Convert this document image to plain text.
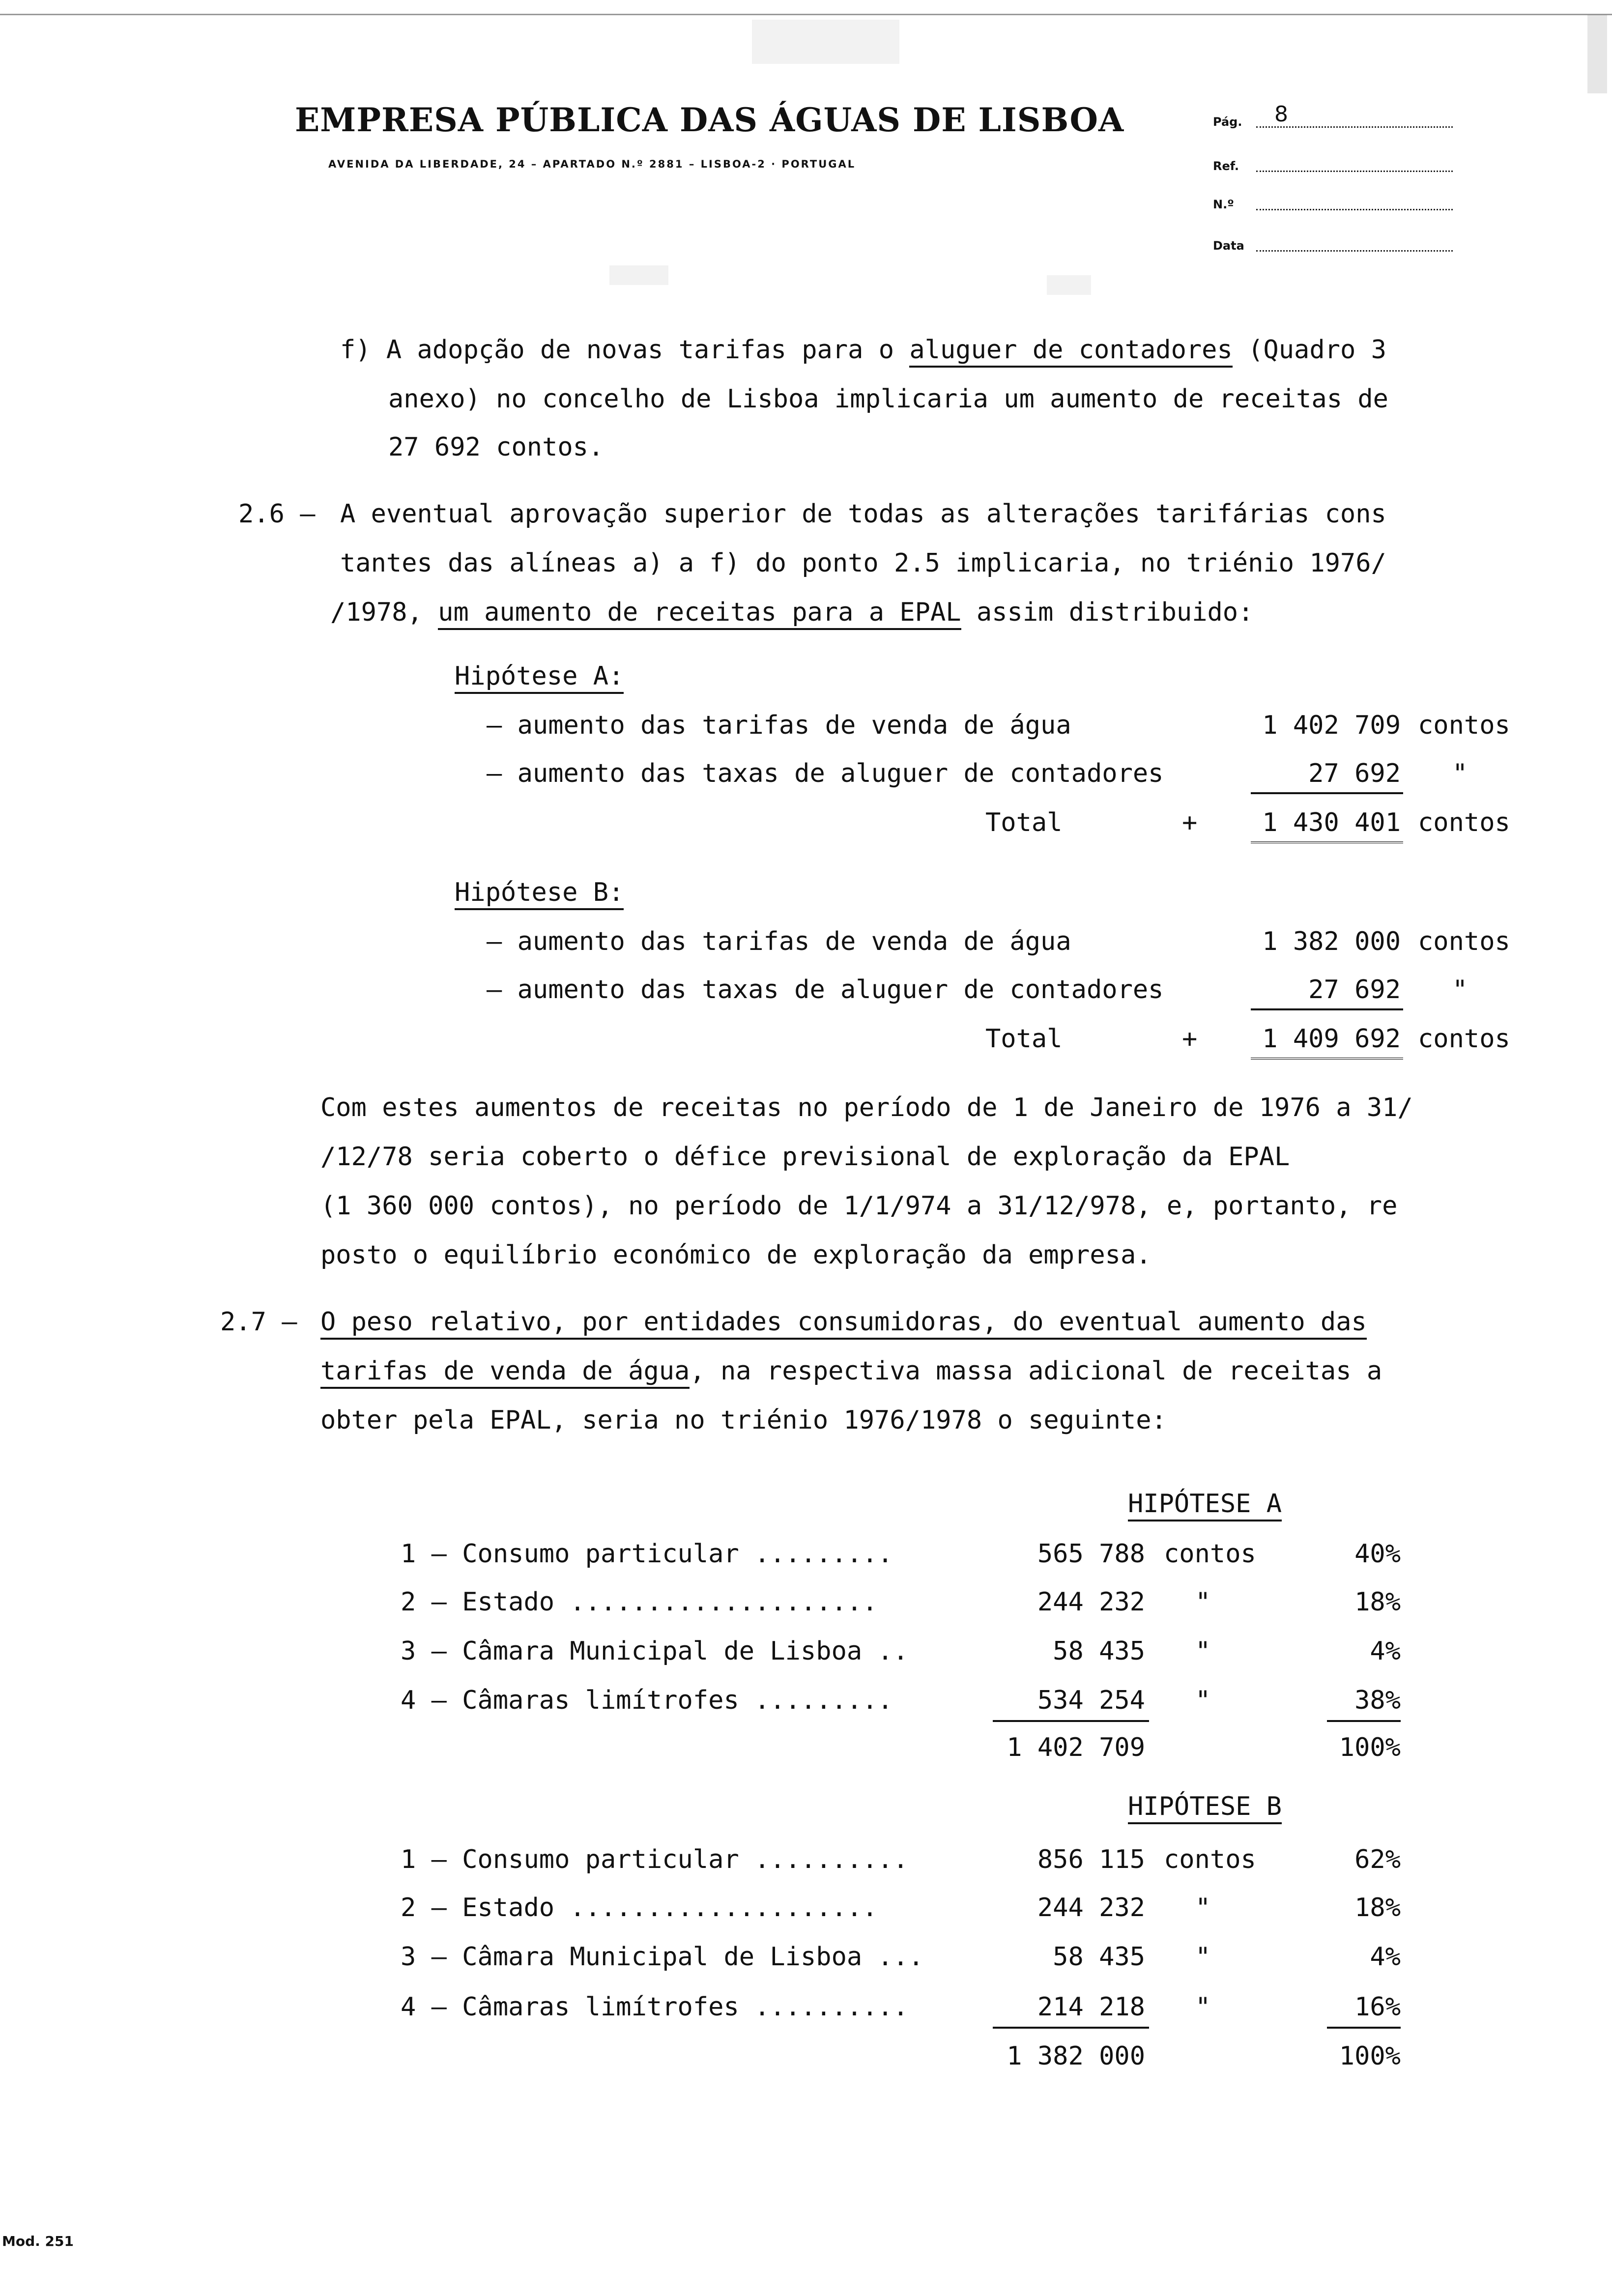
EMPRESA PÚBLICA DAS ÁGUAS DE LISBOA
AVENIDA DA LIBERDADE, 24 – APARTADO N.º 2881 – LISBOA-2 · PORTUGAL
Pág. 8
Ref.
N.º
Data
f) A adopção de novas tarifas para o aluguer de contadores (Quadro 3
anexo) no concelho de Lisboa implicaria um aumento de receitas de
27 692 contos.
2.6 – A eventual aprovação superior de todas as alterações tarifárias cons
tantes das alíneas a) a f) do ponto 2.5 implicaria, no triénio 1976/
/1978, um aumento de receitas para a EPAL assim distribuido:
Hipótese A:
– aumento das tarifas de venda de água	1 402 709 contos
– aumento das taxas de aluguer de contadores	27 692 "
Total	+	1 430 401 contos
Hipótese B:
– aumento das tarifas de venda de água	1 382 000 contos
– aumento das taxas de aluguer de contadores	27 692 "
Total	+	1 409 692 contos
Com estes aumentos de receitas no período de 1 de Janeiro de 1976 a 31/
/12/78 seria coberto o défice previsional de exploração da EPAL
(1 360 000 contos), no período de 1/1/974 a 31/12/978, e, portanto, re
posto o equilíbrio económico de exploração da empresa.
2.7 – O peso relativo, por entidades consumidoras, do eventual aumento das
tarifas de venda de água, na respectiva massa adicional de receitas a
obter pela EPAL, seria no triénio 1976/1978 o seguinte:
HIPÓTESE A
1 – Consumo particular .........	565 788 contos	40%
2 – Estado ....................	244 232 "	18%
3 – Câmara Municipal de Lisboa ..	58 435 "	4%
4 – Câmaras limítrofes .........	534 254 "	38%
1 402 709	100%
HIPÓTESE B
1 – Consumo particular ..........	856 115 contos	62%
2 – Estado ....................	244 232 "	18%
3 – Câmara Municipal de Lisboa ...	58 435 "	4%
4 – Câmaras limítrofes ..........	214 218 "	16%
1 382 000	100%
Mod. 251
